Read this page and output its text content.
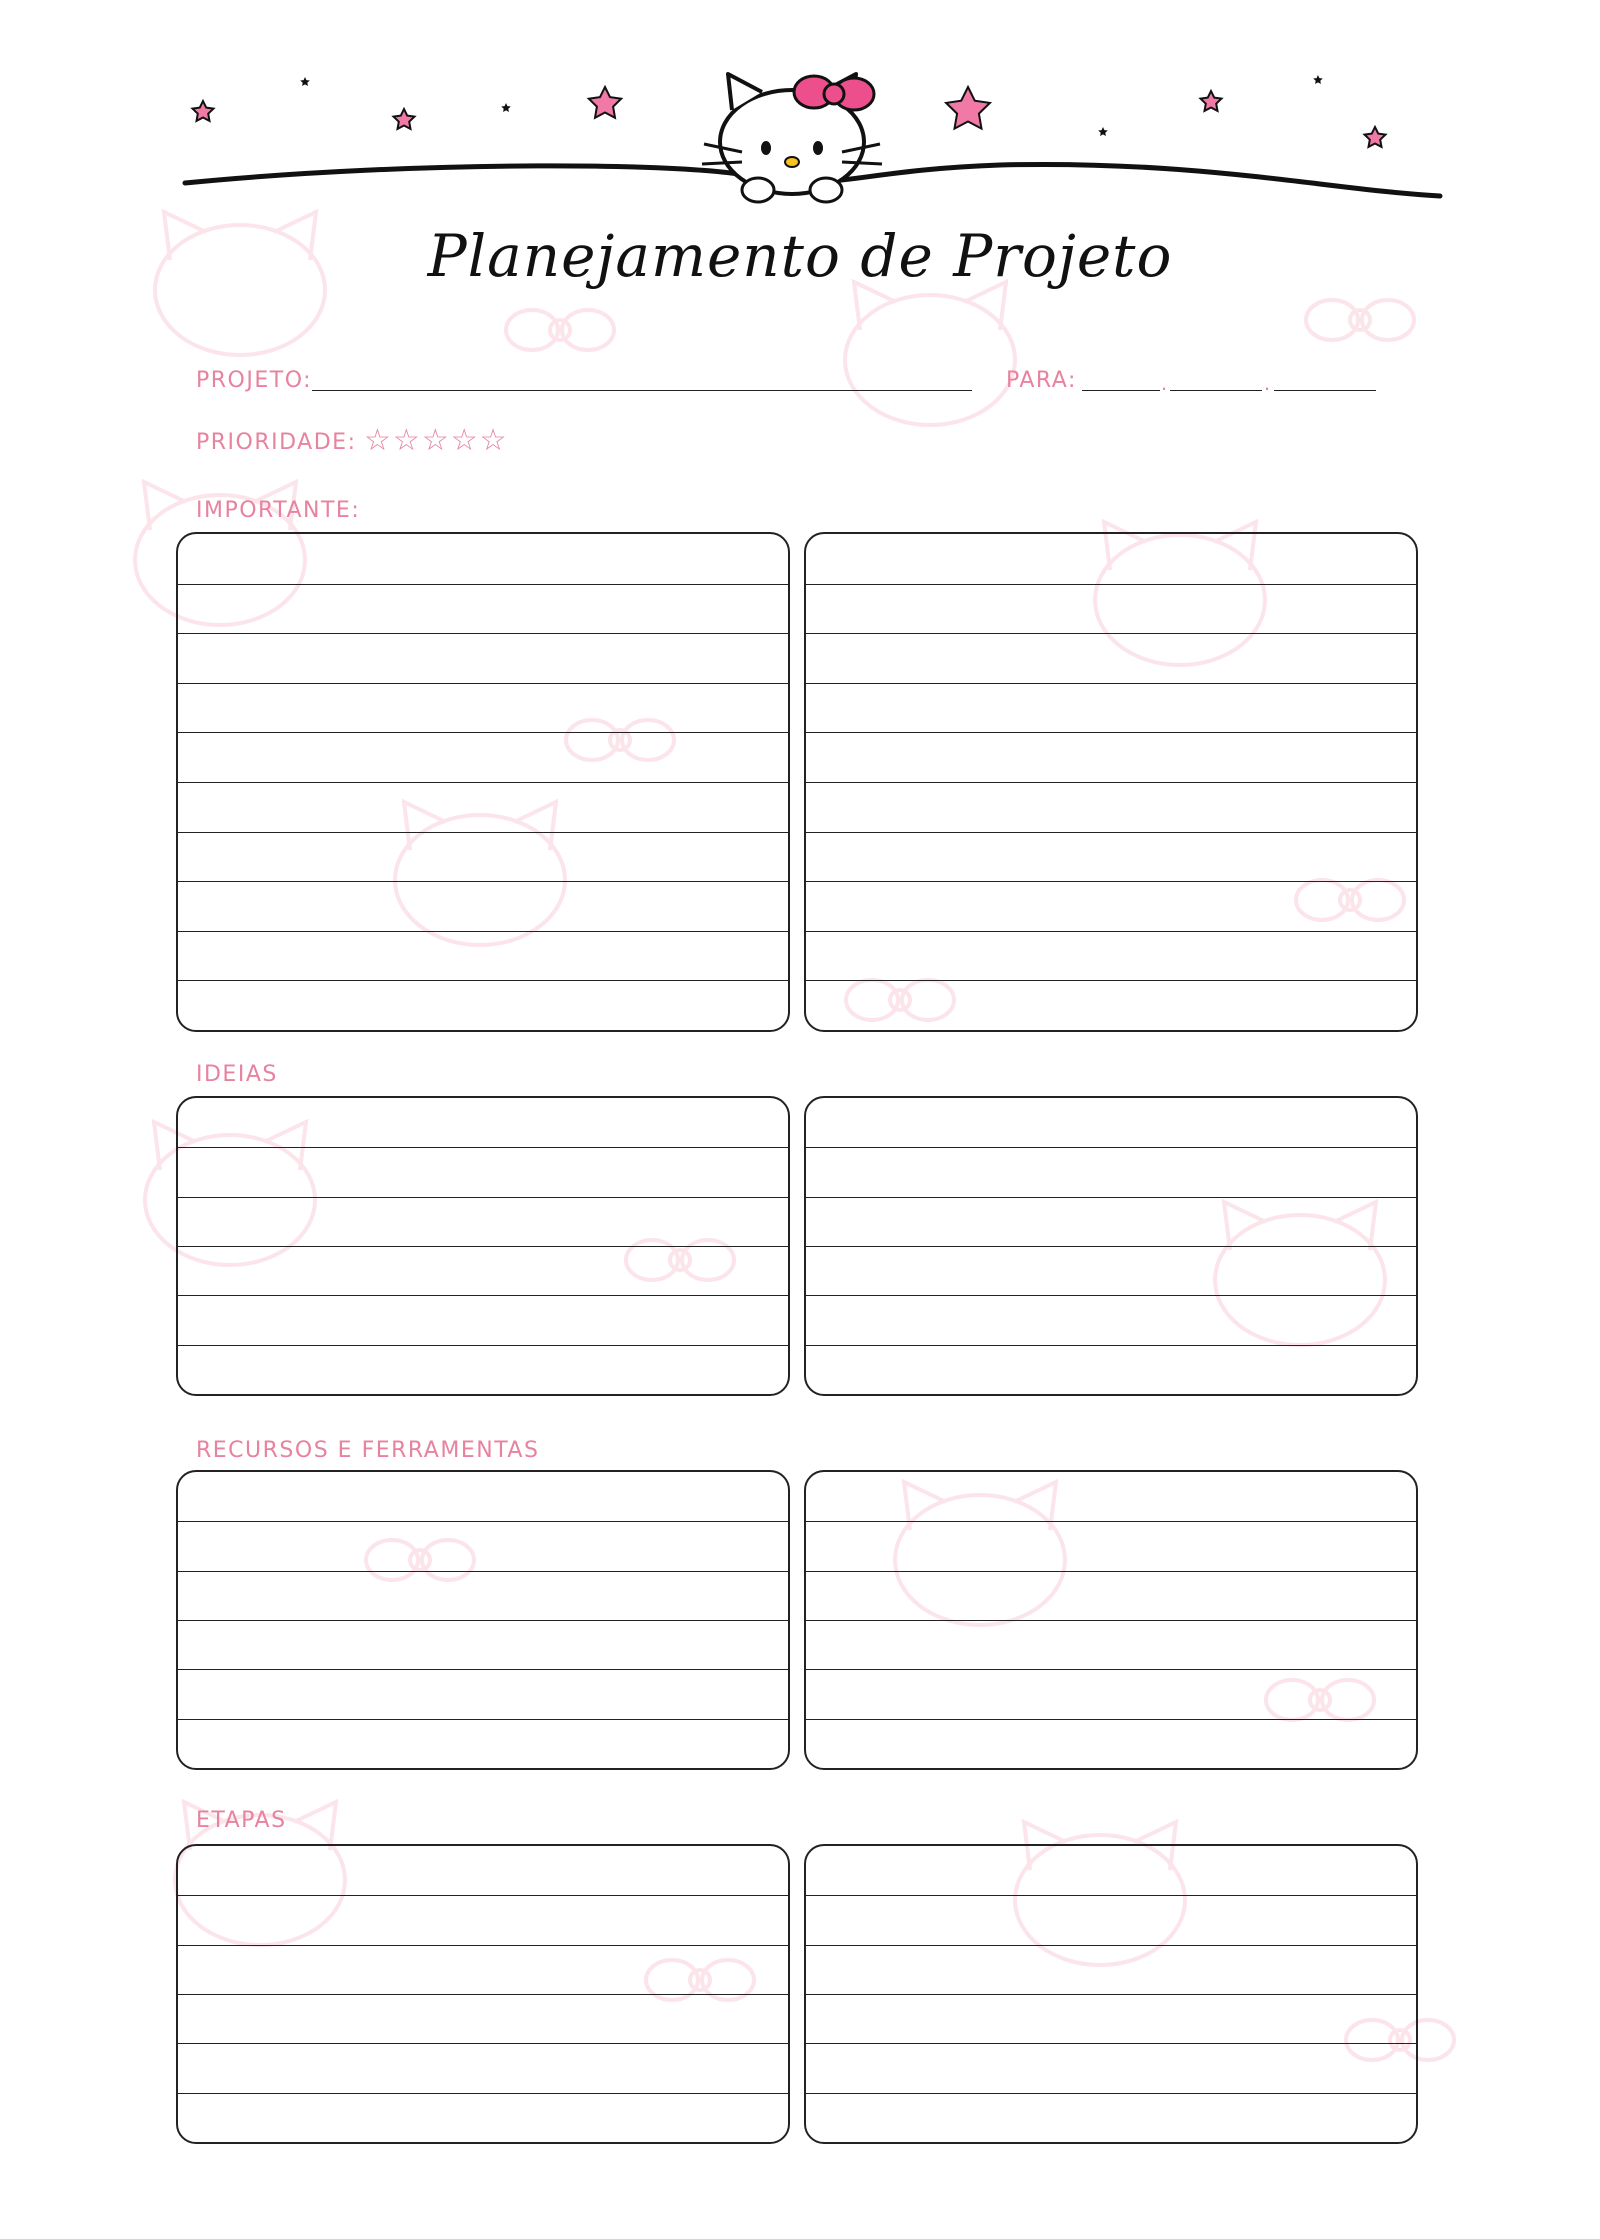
Planejamento de Projeto
PROJETO:	PARA:	.	.
PRIORIDADE: ☆ ☆ ☆ ☆ ☆
IMPORTANTE:
IDEIAS
RECURSOS E FERRAMENTAS
ETAPAS
